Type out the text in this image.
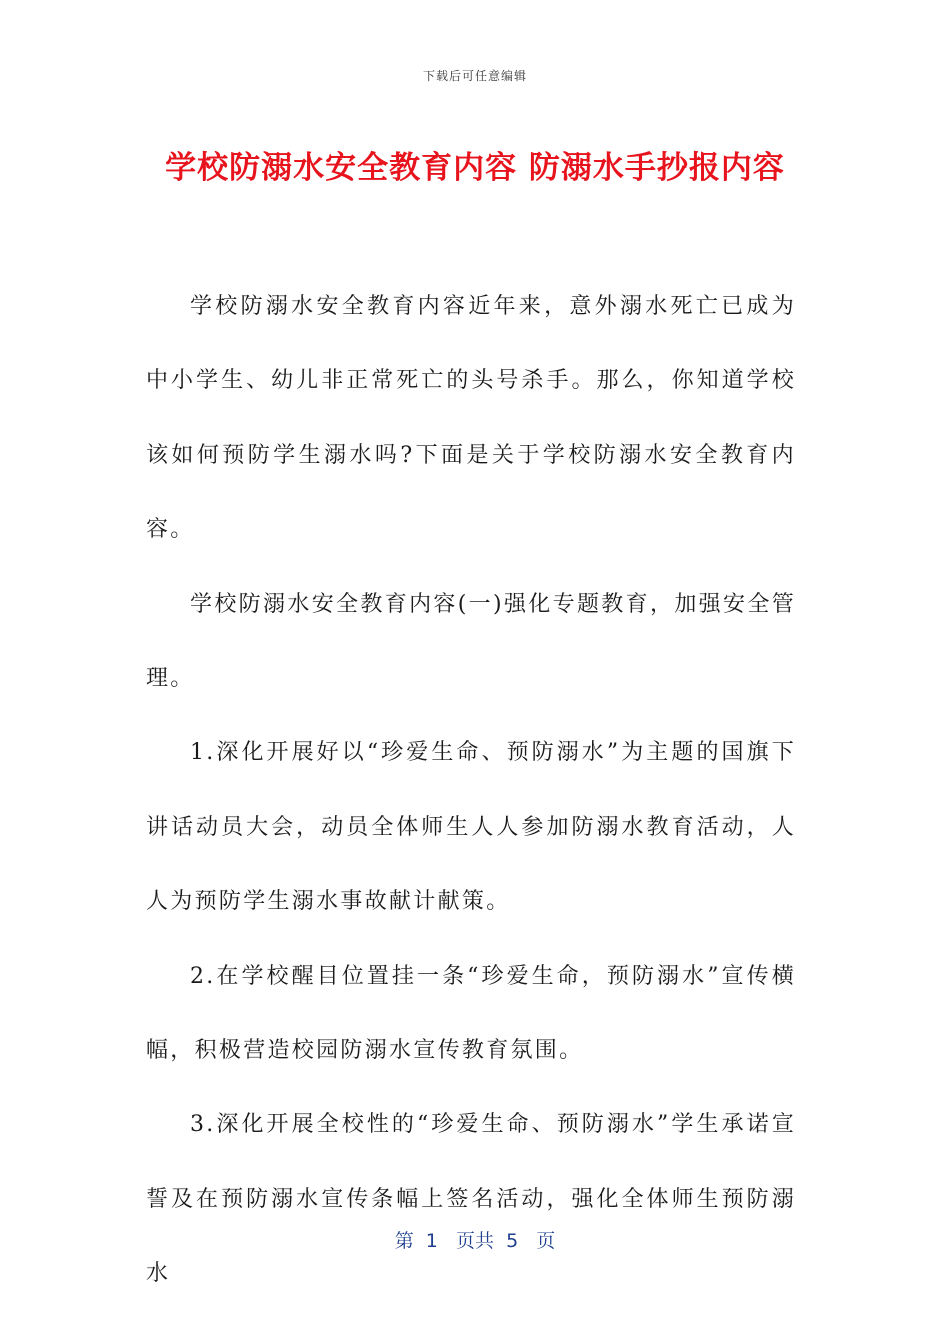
下载后可任意编辑
学校防溺水安全教育内容 防溺水手抄报内容

学校防溺水安全教育内容近年来，意外溺水死亡已成为中小学生、幼儿非正常死亡的头号杀手。那么，你知道学校该如何预防学生溺水吗?下面是关于学校防溺水安全教育内容。

学校防溺水安全教育内容(一)强化专题教育，加强安全管理。

1.深化开展好以“珍爱生命、预防溺水”为主题的国旗下讲话动员大会，动员全体师生人人参加防溺水教育活动，人人为预防学生溺水事故献计献策。

2.在学校醒目位置挂一条“珍爱生命，预防溺水”宣传横幅，积极营造校园防溺水宣传教育氛围。

3.深化开展全校性的“珍爱生命、预防溺水”学生承诺宣誓及在预防溺水宣传条幅上签名活动，强化全体师生预防溺水

第  1   页共  5   页
